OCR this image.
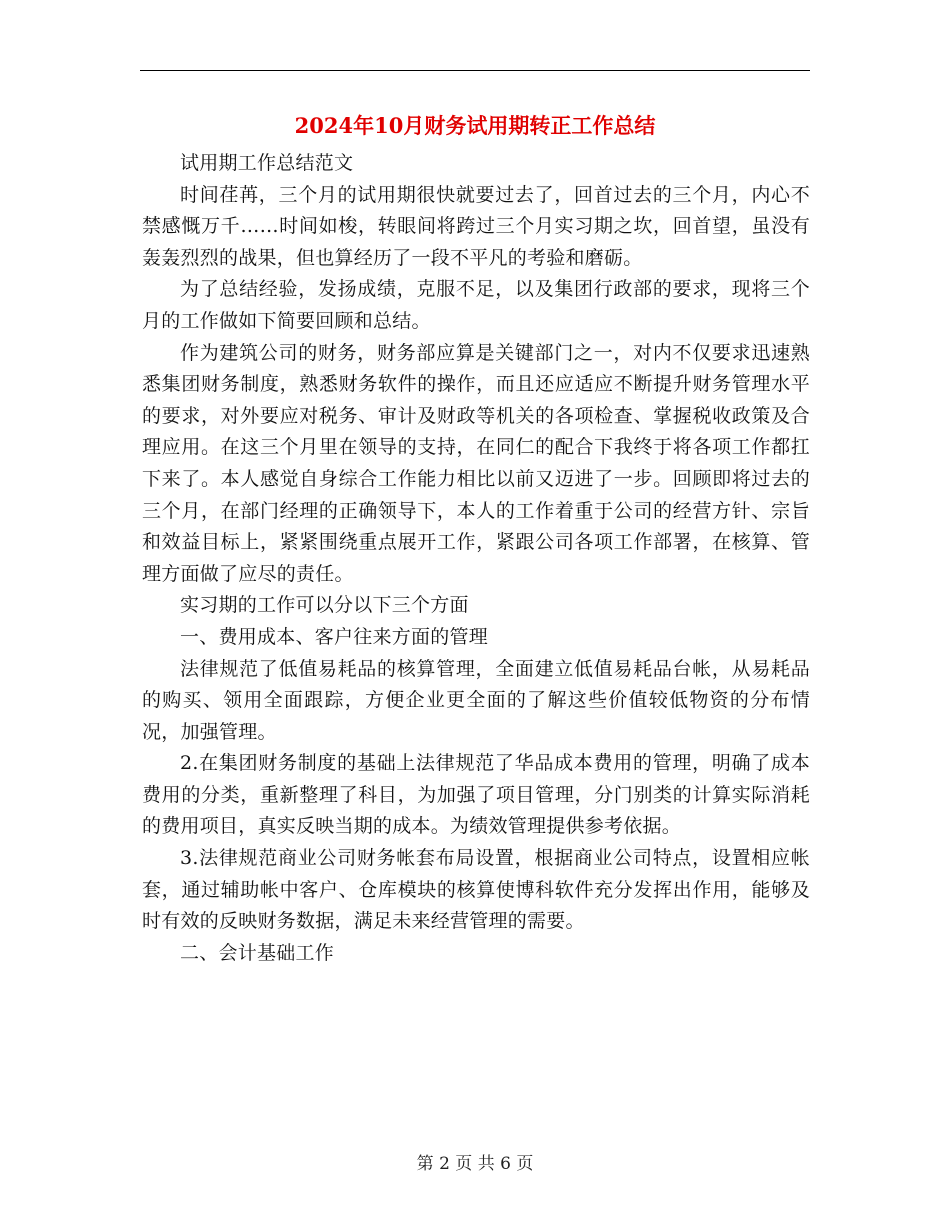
2024年10月财务试用期转正工作总结

试用期工作总结范文

时间荏苒，三个月的试用期很快就要过去了，回首过去的三个月，内心不禁感慨万千……时间如梭，转眼间将跨过三个月实习期之坎，回首望，虽没有轰轰烈烈的战果，但也算经历了一段不平凡的考验和磨砺。

为了总结经验，发扬成绩，克服不足，以及集团行政部的要求，现将三个月的工作做如下简要回顾和总结。

作为建筑公司的财务，财务部应算是关键部门之一，对内不仅要求迅速熟悉集团财务制度，熟悉财务软件的操作，而且还应适应不断提升财务管理水平的要求，对外要应对税务、审计及财政等机关的各项检查、掌握税收政策及合理应用。在这三个月里在领导的支持，在同仁的配合下我终于将各项工作都扛下来了。本人感觉自身综合工作能力相比以前又迈进了一步。回顾即将过去的三个月，在部门经理的正确领导下，本人的工作着重于公司的经营方针、宗旨和效益目标上，紧紧围绕重点展开工作，紧跟公司各项工作部署，在核算、管理方面做了应尽的责任。

实习期的工作可以分以下三个方面

一、费用成本、客户往来方面的管理

法律规范了低值易耗品的核算管理，全面建立低值易耗品台帐，从易耗品的购买、领用全面跟踪，方便企业更全面的了解这些价值较低物资的分布情况，加强管理。

2.在集团财务制度的基础上法律规范了华品成本费用的管理，明确了成本费用的分类，重新整理了科目，为加强了项目管理，分门别类的计算实际消耗的费用项目，真实反映当期的成本。为绩效管理提供参考依据。

3.法律规范商业公司财务帐套布局设置，根据商业公司特点，设置相应帐套，通过辅助帐中客户、仓库模块的核算使博科软件充分发挥出作用，能够及时有效的反映财务数据，满足未来经营管理的需要。

二、会计基础工作

第 2 页 共 6 页
